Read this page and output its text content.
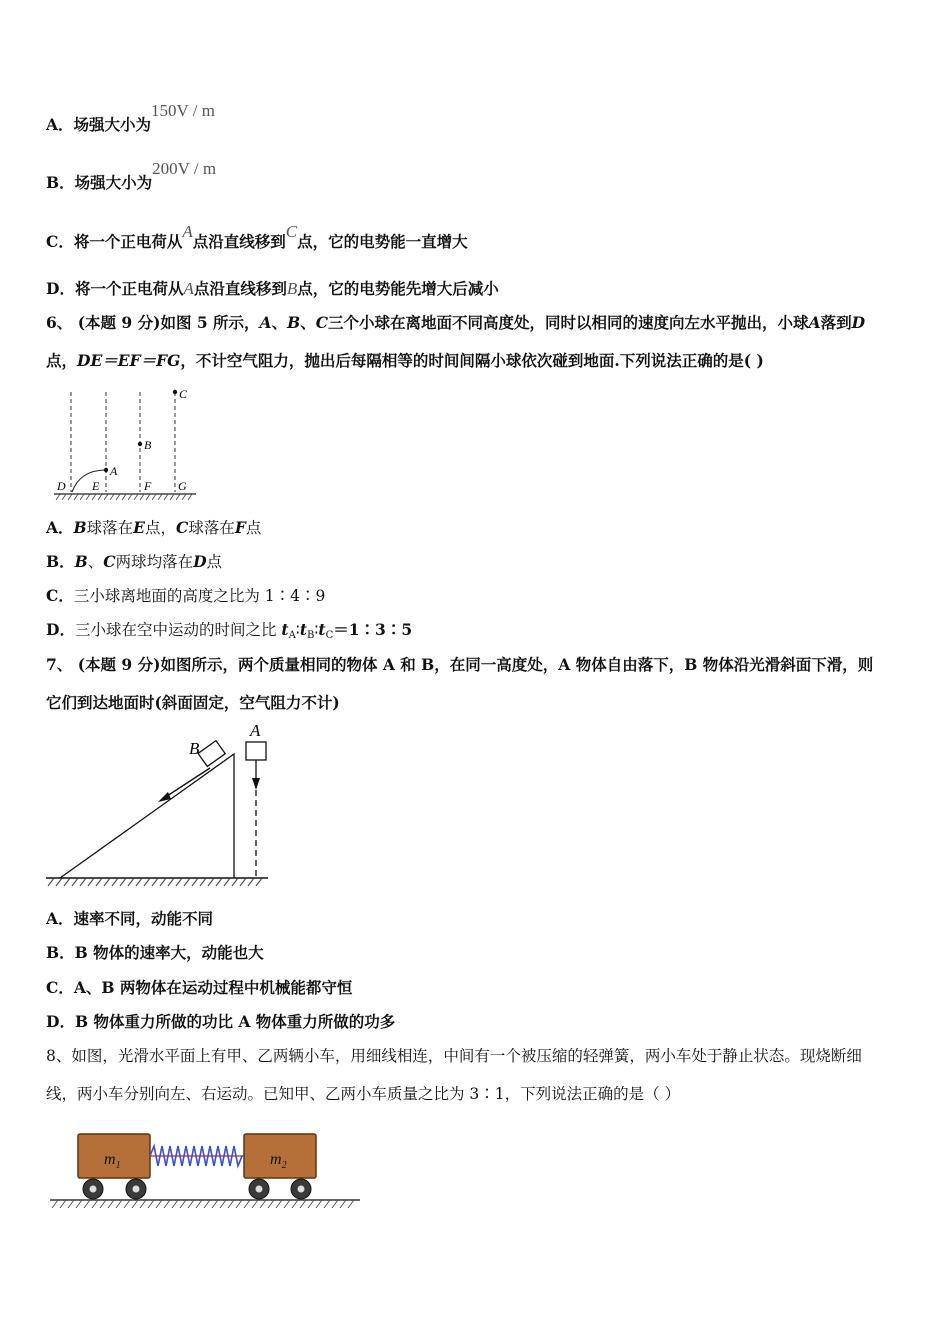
A．场强大小为150V / m
B．场强大小为200V / m
C．将一个正电荷从A点沿直线移到C点，它的电势能一直增大
D．将一个正电荷从A点沿直线移到B点，它的电势能先增大后减小
6、 (本题 9 分)如图 5 所示，A、B、C三个小球在离地面不同高度处，同时以相同的速度向左水平抛出，小球A落到D
点，DE＝EF＝FG，不计空气阻力，抛出后每隔相等的时间间隔小球依次碰到地面.下列说法正确的是( )
A
B
C
D E	F G
A．B球落在E点，C球落在F点
B．B、C两球均落在D点
C．三小球离地面的高度之比为 1∶4∶9
D．三小球在空中运动的时间之比 $t_A∶t_B∶t_C=1∶3∶5$
7、 (本题 9 分)如图所示，两个质量相同的物体 A 和 B，在同一高度处，A 物体自由落下，B 物体沿光滑斜面下滑，则
它们到达地面时(斜面固定，空气阻力不计)
B
A
A．速率不同，动能不同
B．B 物体的速率大，动能也大
C．A、B 两物体在运动过程中机械能都守恒
D．B 物体重力所做的功比 A 物体重力所做的功多
8、如图，光滑水平面上有甲、乙两辆小车，用细线相连，中间有一个被压缩的轻弹簧，两小车处于静止状态。现烧断细
线，两小车分别向左、右运动。已知甲、乙两小车质量之比为 3∶1，下列说法正确的是（ ）
$m_1$	$m_2$
